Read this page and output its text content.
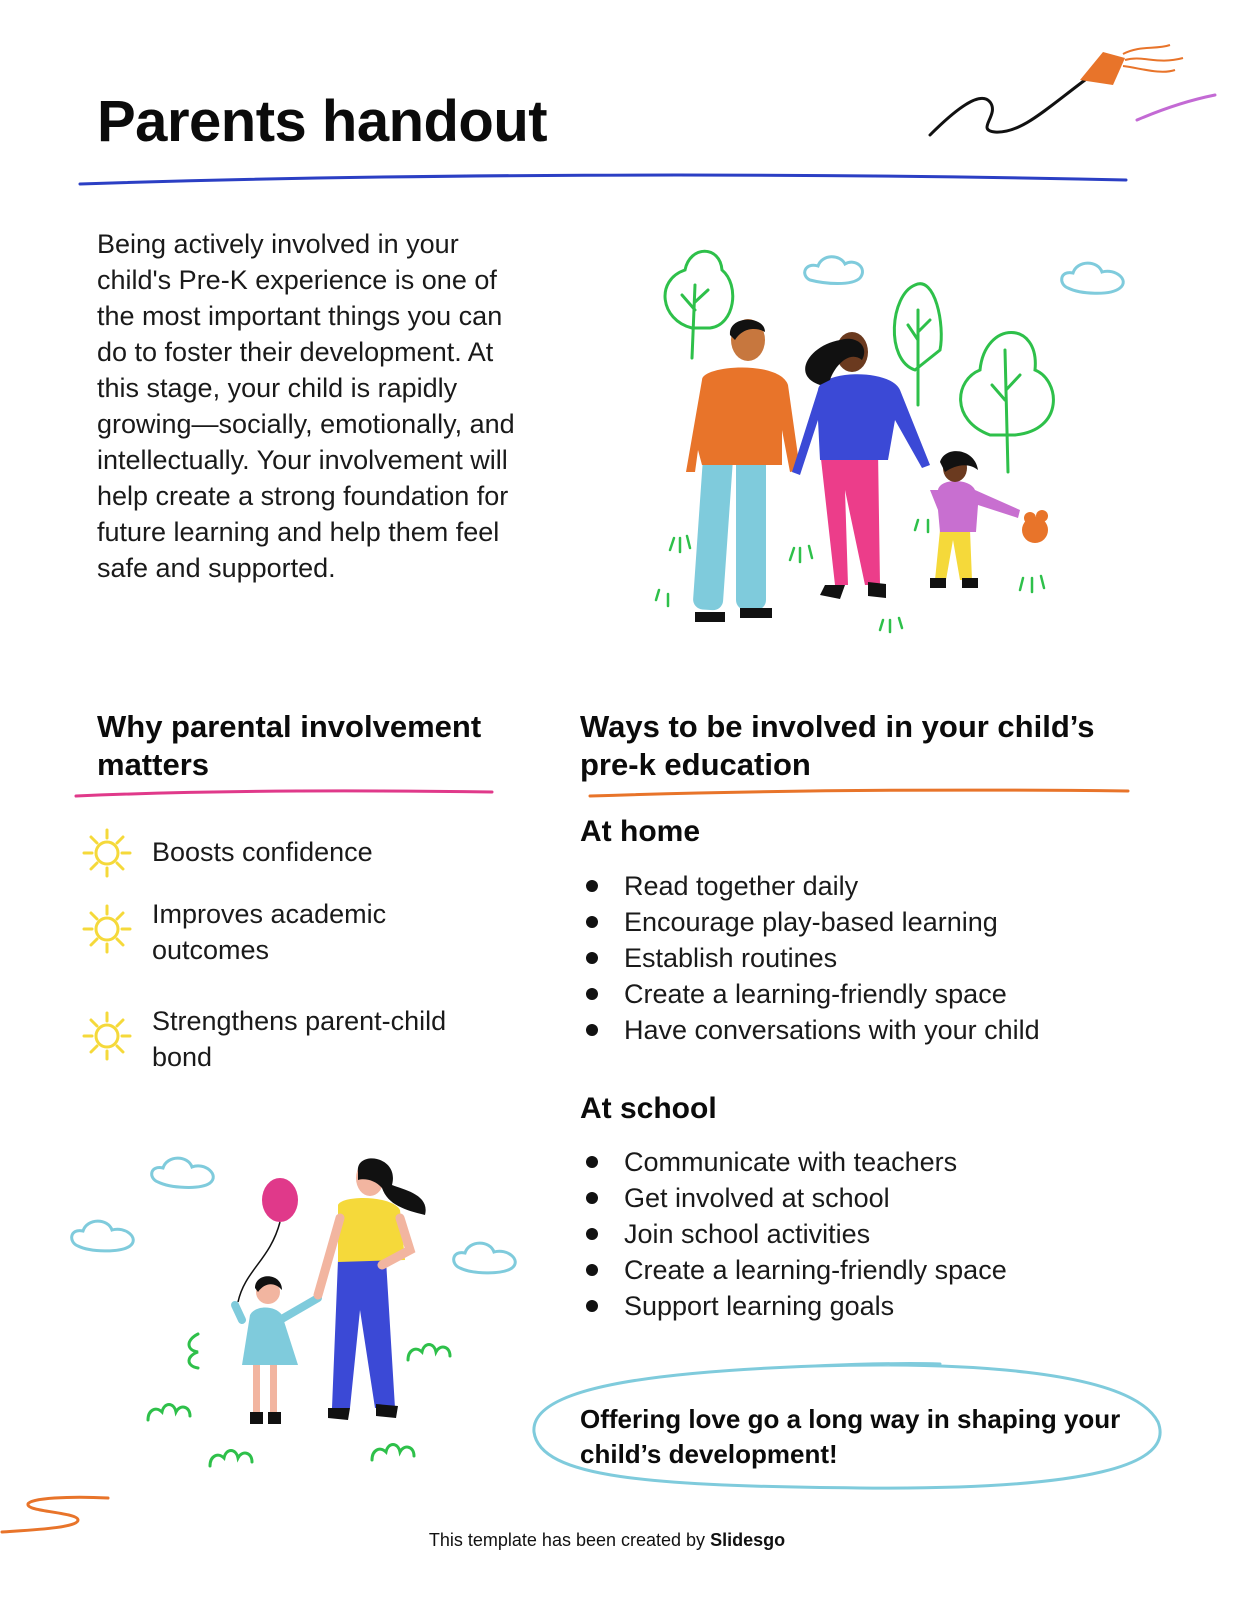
Parents handout

Being actively involved in your child's Pre-K experience is one of the most important things you can do to foster their development. At this stage, your child is rapidly growing—socially, emotionally, and intellectually. Your involvement will help create a strong foundation for future learning and help them feel safe and supported.

Why parental involvement matters
Boosts confidence
Improves academic outcomes
Strengthens parent-child bond
Ways to be involved in your child’s pre-k education
At home
Read together daily
Encourage play-based learning
Establish routines
Create a learning-friendly space
Have conversations with your child
At school
Communicate with teachers
Get involved at school
Join school activities
Create a learning-friendly space
Support learning goals

Offering love go a long way in shaping your child’s development!

This template has been created by Slidesgo
